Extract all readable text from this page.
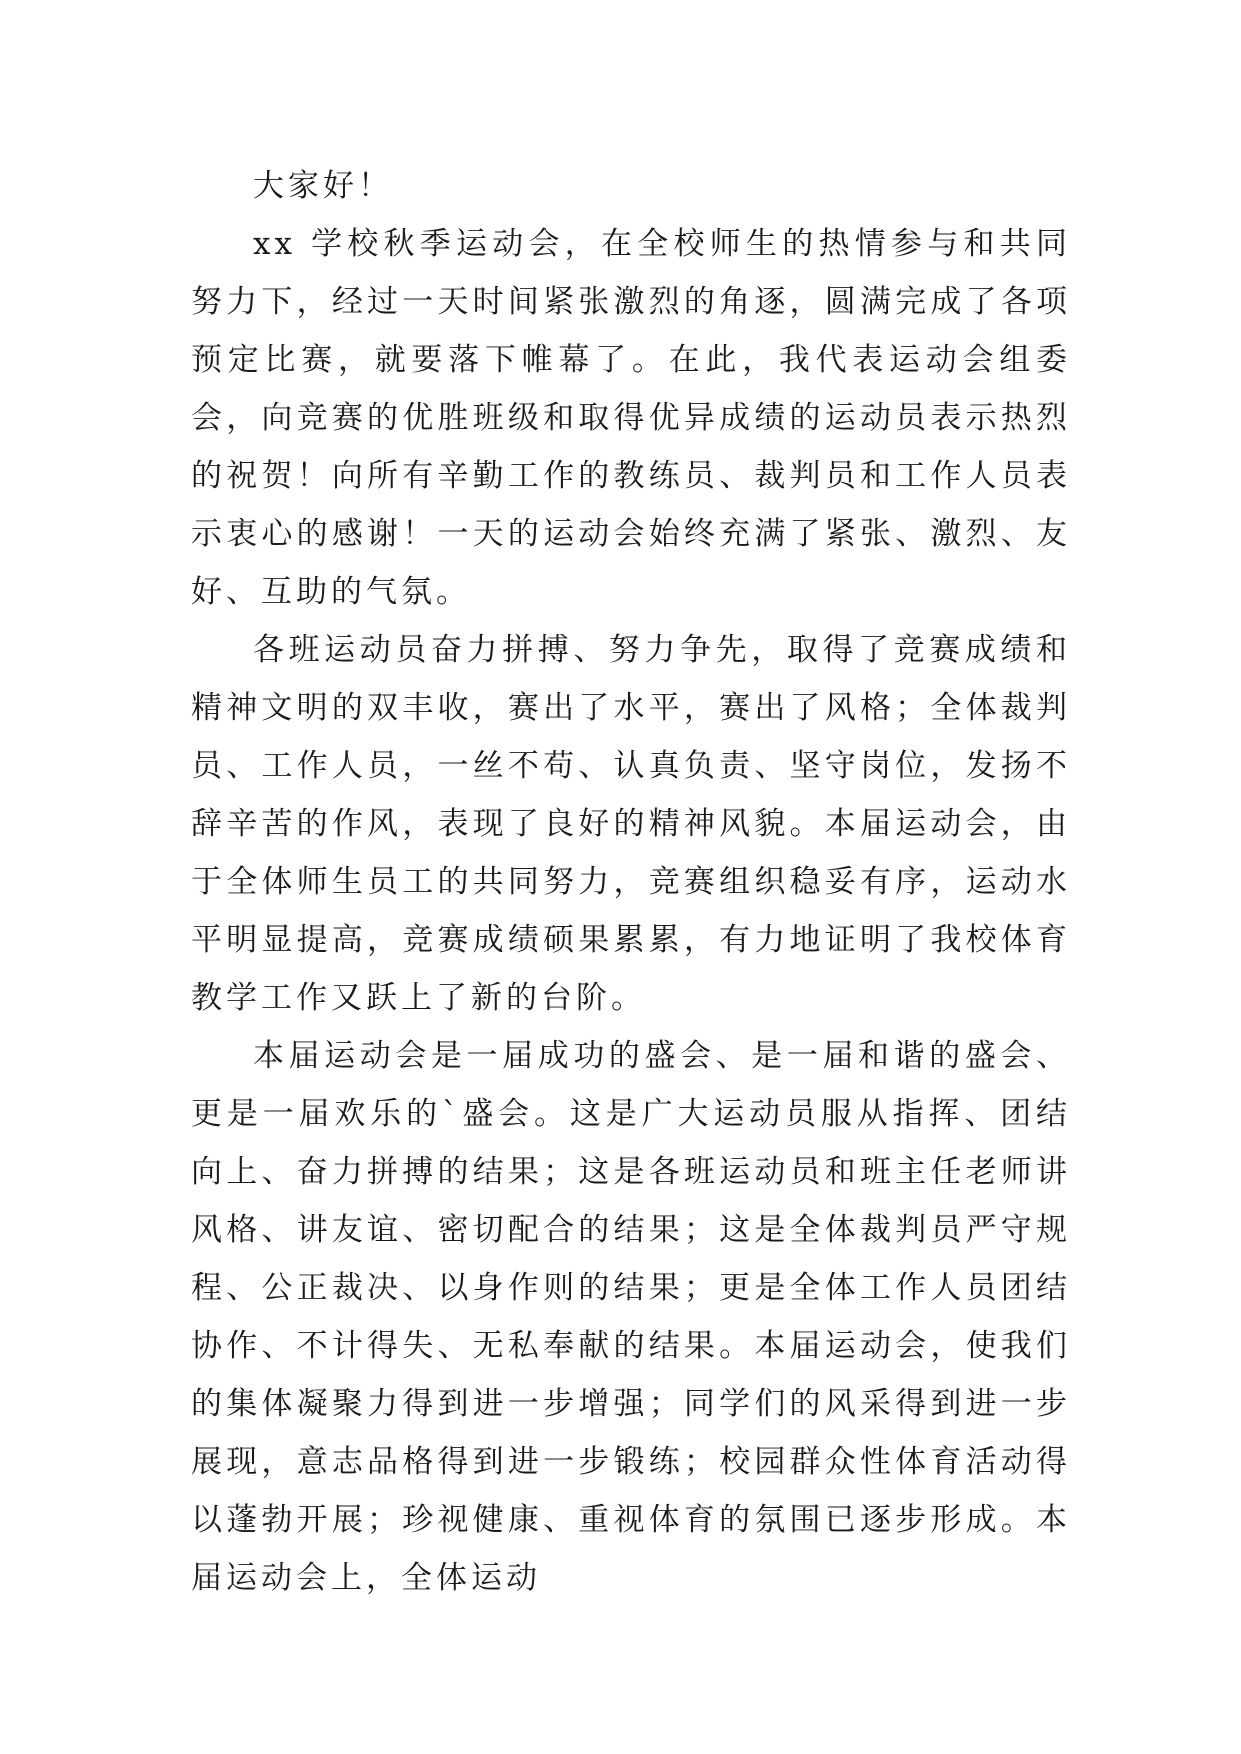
大家好！

xx 学校秋季运动会，在全校师生的热情参与和共同努力下，经过一天时间紧张激烈的角逐，圆满完成了各项预定比赛，就要落下帷幕了。在此，我代表运动会组委会，向竞赛的优胜班级和取得优异成绩的运动员表示热烈的祝贺！向所有辛勤工作的教练员、裁判员和工作人员表示衷心的感谢！一天的运动会始终充满了紧张、激烈、友好、互助的气氛。

各班运动员奋力拼搏、努力争先，取得了竞赛成绩和精神文明的双丰收，赛出了水平，赛出了风格；全体裁判员、工作人员，一丝不苟、认真负责、坚守岗位，发扬不辞辛苦的作风，表现了良好的精神风貌。本届运动会，由于全体师生员工的共同努力，竞赛组织稳妥有序，运动水平明显提高，竞赛成绩硕果累累，有力地证明了我校体育教学工作又跃上了新的台阶。

本届运动会是一届成功的盛会、是一届和谐的盛会、更是一届欢乐的`盛会。这是广大运动员服从指挥、团结向上、奋力拼搏的结果；这是各班运动员和班主任老师讲风格、讲友谊、密切配合的结果；这是全体裁判员严守规程、公正裁决、以身作则的结果；更是全体工作人员团结协作、不计得失、无私奉献的结果。本届运动会，使我们的集体凝聚力得到进一步增强；同学们的风采得到进一步展现，意志品格得到进一步锻练；校园群众性体育活动得以蓬勃开展；珍视健康、重视体育的氛围已逐步形成。本届运动会上，全体运动
